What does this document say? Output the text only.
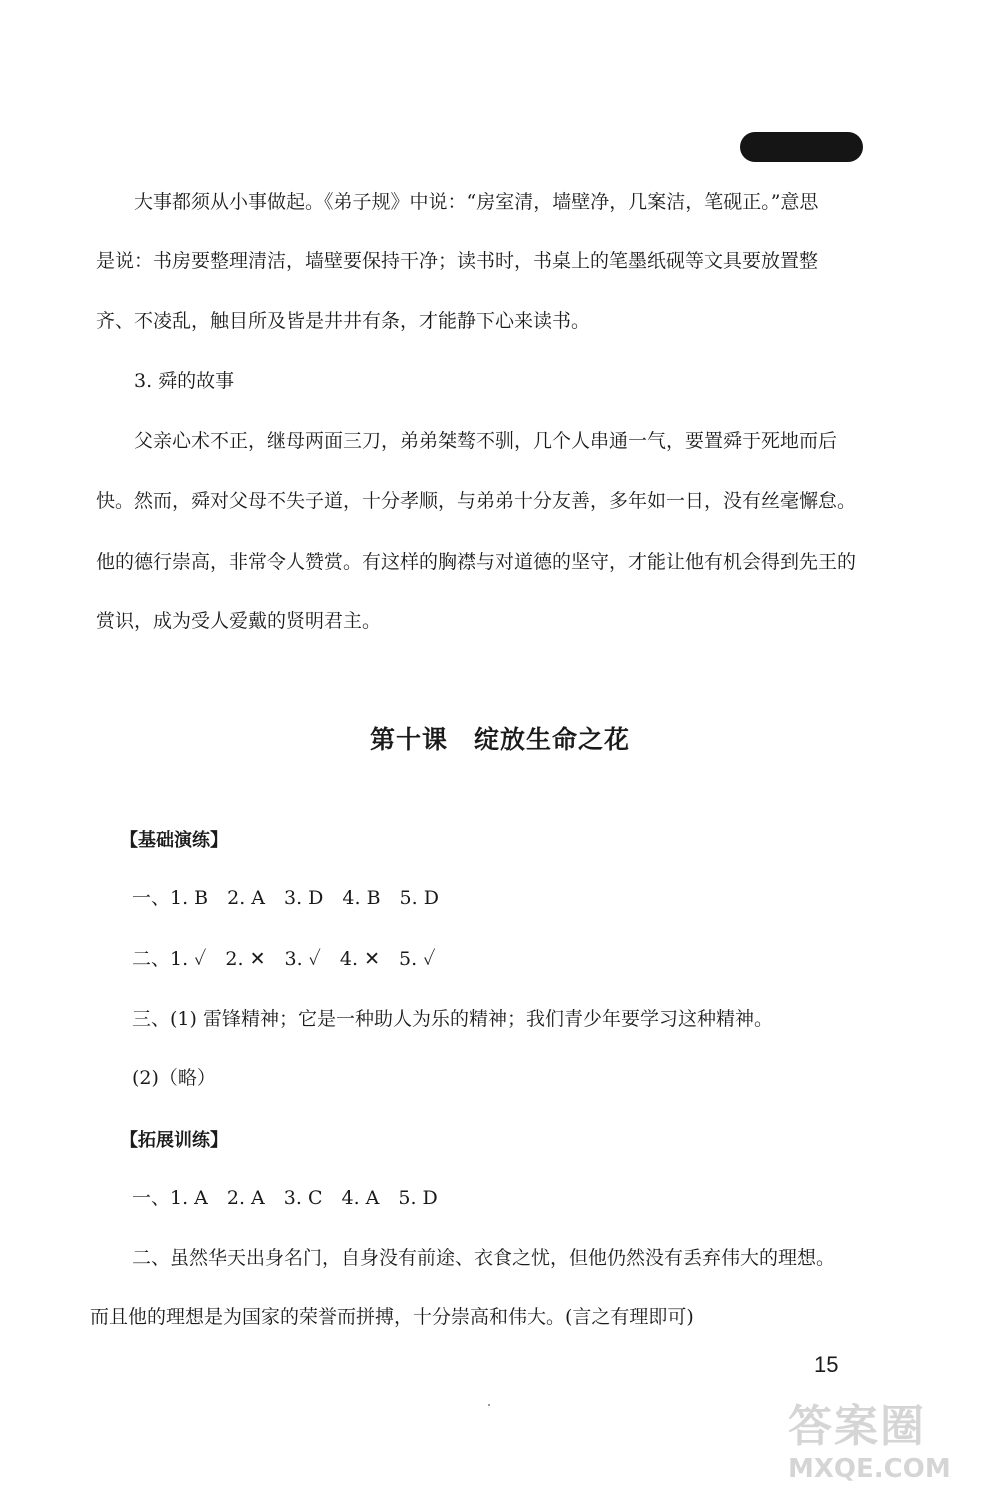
大事都须从小事做起。《弟子规》中说：“房室清，墙壁净，几案洁，笔砚正。”意思
是说：书房要整理清洁，墙壁要保持干净；读书时，书桌上的笔墨纸砚等文具要放置整
齐、不凌乱，触目所及皆是井井有条，才能静下心来读书。
3. 舜的故事
父亲心术不正，继母两面三刀，弟弟桀骜不驯，几个人串通一气，要置舜于死地而后
快。然而，舜对父母不失子道，十分孝顺，与弟弟十分友善，多年如一日，没有丝毫懈怠。
他的德行崇高，非常令人赞赏。有这样的胸襟与对道德的坚守，才能让他有机会得到先王的
赏识，成为受人爱戴的贤明君主。
第十课　绽放生命之花
【基础演练】
一、1. B　2. A　3. D　4. B　5. D
二、1. ✓　2. ✕　3. ✓　4. ✕　5. ✓
三、(1) 雷锋精神；它是一种助人为乐的精神；我们青少年要学习这种精神。
(2)（略）
【拓展训练】
一、1. A　2. A　3. C　4. A　5. D
二、虽然华天出身名门，自身没有前途、衣食之忧，但他仍然没有丢弃伟大的理想。
而且他的理想是为国家的荣誉而拼搏，十分崇高和伟大。(言之有理即可)
15
答案圈
MXQE.COM
